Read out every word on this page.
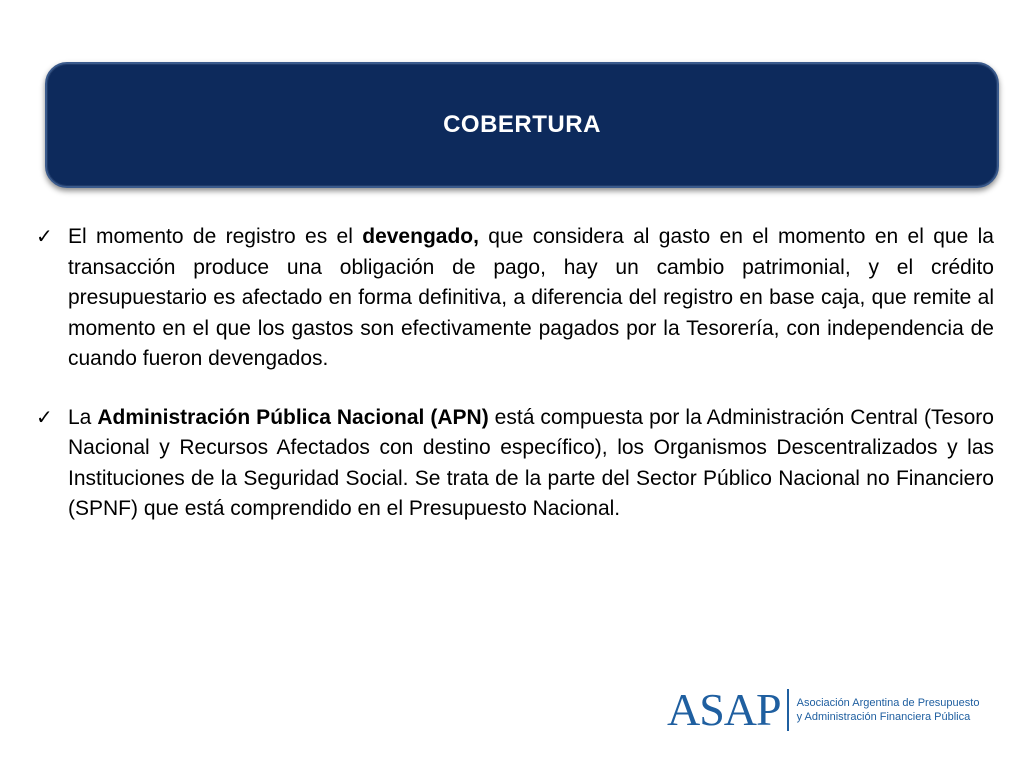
COBERTURA
✓ El momento de registro es el devengado, que considera al gasto en el momento en el que la transacción produce una obligación de pago, hay un cambio patrimonial, y el crédito presupuestario es afectado en forma definitiva, a diferencia del registro en base caja, que remite al momento en el que los gastos son efectivamente pagados por la Tesorería, con independencia de cuando fueron devengados.

✓ La Administración Pública Nacional (APN) está compuesta por la Administración Central (Tesoro Nacional y Recursos Afectados con destino específico), los Organismos Descentralizados y las Instituciones de la Seguridad Social. Se trata de la parte del Sector Público Nacional no Financiero (SPNF) que está comprendido en el Presupuesto Nacional.

ASAP Asociación Argentina de Presupuesto
y Administración Financiera Pública
